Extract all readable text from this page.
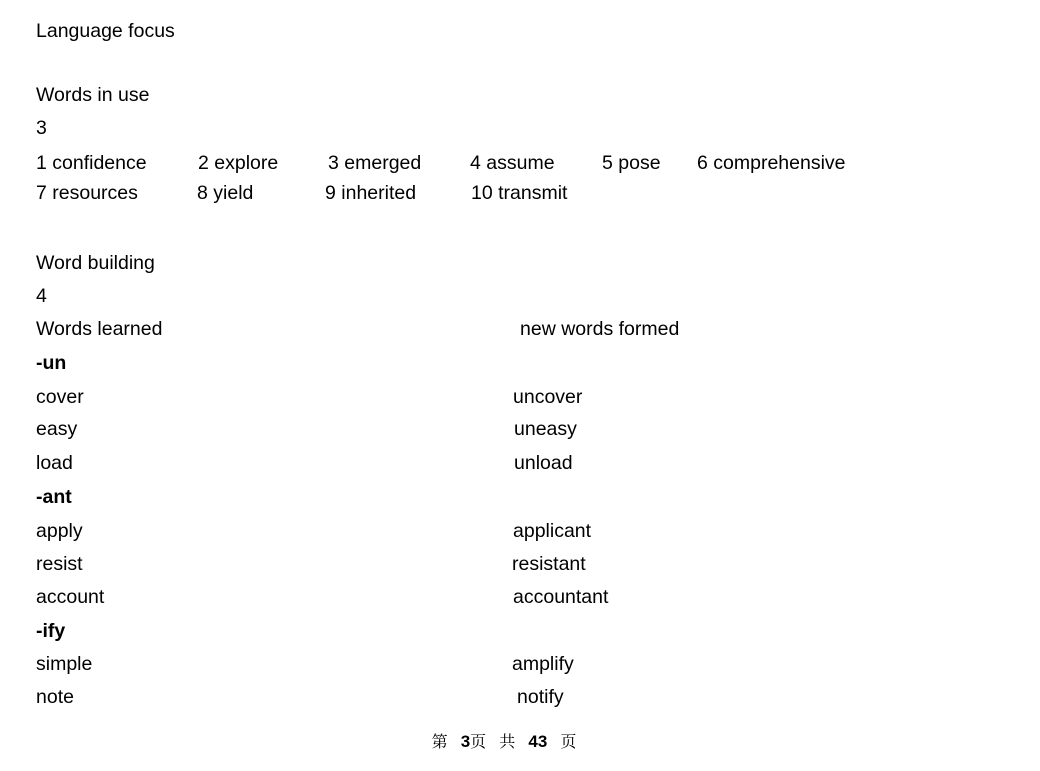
Language focus
Words in use
3
1 confidence	2 explore	3 emerged	4 assume 5 pose 6 comprehensive
7 resources	8 yield	9 inherited	10 transmit
Word building
4
Words learned	new words formed
-un
cover	uncover
easy	uneasy
load	unload
-ant
apply	applicant
resist	resistant
account	accountant
-ify
simple	amplify
note	notify
第 3页 共 43 页
